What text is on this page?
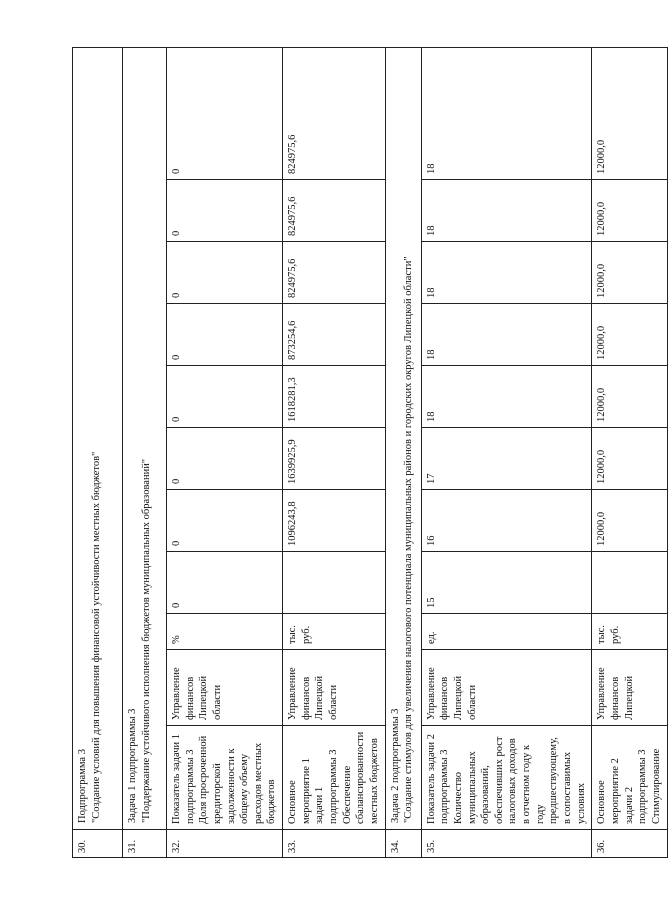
30.	Подпрограмма 3 "Создание условий для повышения финансовой устойчивости местных бюджетов"										

31.	Задача 1 подпрограммы 3 "Поддержание устойчивого исполнения бюджетов муниципальных образований"										

32.	Показатель задачи 1 подпрограммы 3 Доля просроченной кредиторской задолженности к общему объему расходов местных бюджетов	Управление финансов Липецкой области	%	0	0	0	0	0	0	0	0
33.	Основное мероприятие 1 задачи 1 подпрограммы 3 Обеспечение сбалансированности местных бюджетов	Управление финансов Липецкой области	тыс. руб.		1096243,8	1639925,9	1618281,3	873254,6	824975,6	824975,6	824975,6
34.	Задача 2 подпрограммы 3 "Создание стимулов для увеличения налогового потенциала муниципальных районов и городских округов Липецкой области"										

35.	Показатель задачи 2 подпрограммы 3 Количество муниципальных образований, обеспечивших рост налоговых доходов в отчетном году к году предшествующему, в сопоставимых условиях	Управление финансов Липецкой области	ед.	15	16	17	18	18	18	18	18
36.	Основное мероприятие 2 задачи 2 подпрограммы 3 Стимулирование	Управление финансов Липецкой	тыс. руб.		12000,0	12000,0	12000,0	12000,0	12000,0	12000,0	12000,0
